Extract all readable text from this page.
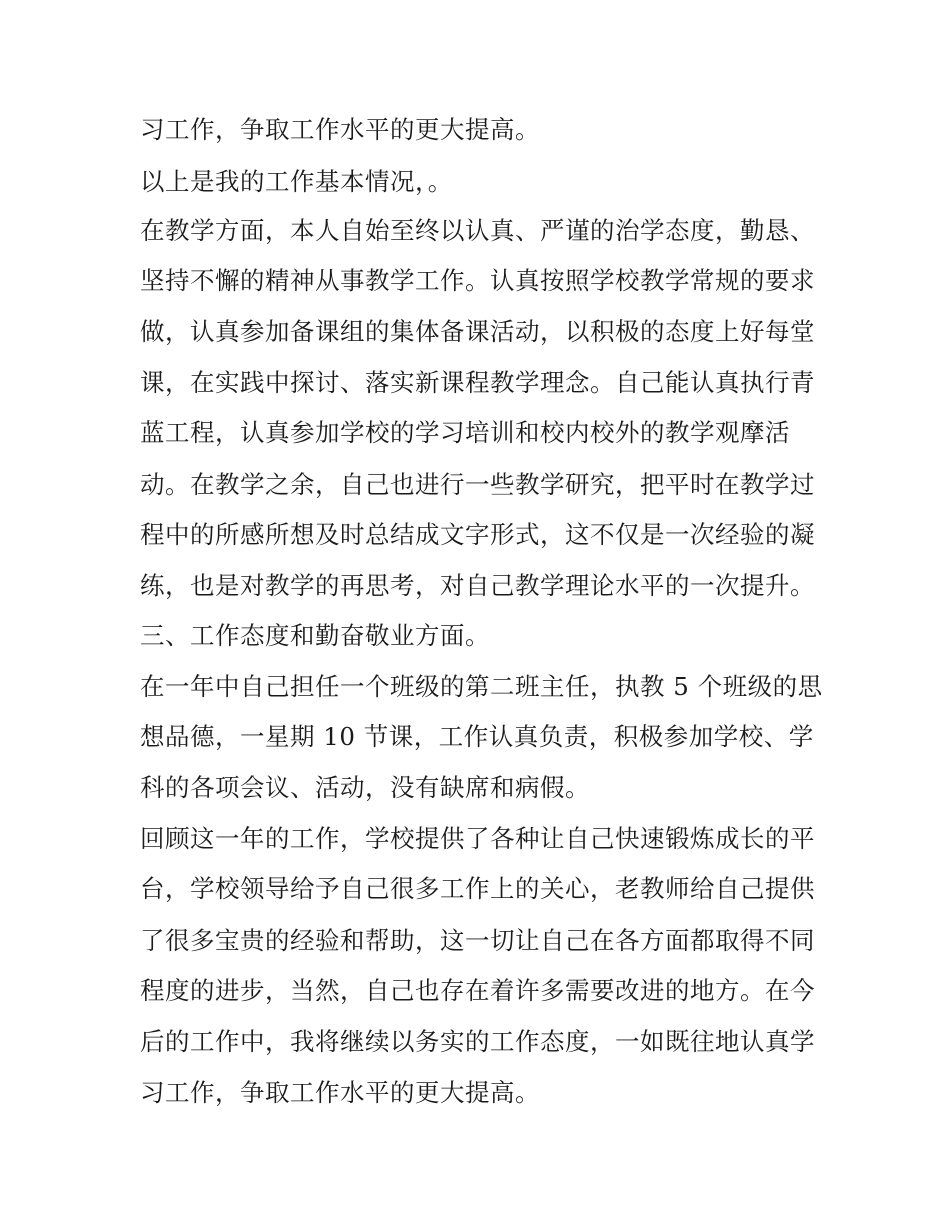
习工作，争取工作水平的更大提高。
以上是我的工作基本情况，。
在教学方面，本人自始至终以认真、严谨的治学态度，勤恳、
坚持不懈的精神从事教学工作。认真按照学校教学常规的要求
做，认真参加备课组的集体备课活动，以积极的态度上好每堂
课，在实践中探讨、落实新课程教学理念。自己能认真执行青
蓝工程，认真参加学校的学习培训和校内校外的教学观摩活
动。在教学之余，自己也进行一些教学研究，把平时在教学过
程中的所感所想及时总结成文字形式，这不仅是一次经验的凝
练，也是对教学的再思考，对自己教学理论水平的一次提升。
三、工作态度和勤奋敬业方面。
在一年中自己担任一个班级的第二班主任，执教 5 个班级的思
想品德，一星期 10 节课，工作认真负责，积极参加学校、学
科的各项会议、活动，没有缺席和病假。
回顾这一年的工作，学校提供了各种让自己快速锻炼成长的平
台，学校领导给予自己很多工作上的关心，老教师给自己提供
了很多宝贵的经验和帮助，这一切让自己在各方面都取得不同
程度的进步，当然，自己也存在着许多需要改进的地方。在今
后的工作中，我将继续以务实的工作态度，一如既往地认真学
习工作，争取工作水平的更大提高。
